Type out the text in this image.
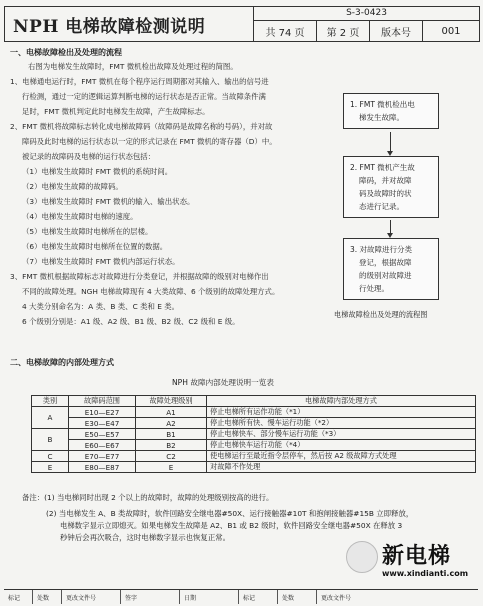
NPH 电梯故障检测说明
S-3-0423
共 74 页	第 2 页	版本号	001
一、电梯故障检出及处理的流程
右图为电梯发生故障时，FMT 微机检出故障及处理过程的简图。
1、电梯通电运行时，FMT 微机在每个程序运行周期都对其输入、输出的信号进
行检测，通过一定的逻辑运算判断电梯的运行状态是否正常。当故障条件满
足时，FMT 微机判定此时电梯发生故障，产生故障标志。
2、FMT 微机将故障标志转化成电梯故障码（故障码是故障名称的号码），并对故
障码及此时电梯的运行状态以一定的形式记录在 FMT 微机的寄存器（D）中。
被记录的故障码及电梯的运行状态包括：
（1）电梯发生故障时 FMT 微机的系统时间。
（2）电梯发生故障的故障码。
（3）电梯发生故障时 FMT 微机的输入、输出状态。
（4）电梯发生故障时电梯的速度。
（5）电梯发生故障时电梯所在的层楼。
（6）电梯发生故障时电梯所在位置的数据。
（7）电梯发生故障时 FMT 微机内部运行状态。
3、FMT 微机根据故障标志对故障进行分类登记，并根据故障的级别对电梯作出
不同的故障处理。NGH 电梯故障现有 4 大类故障、6 个级别的故障处理方式。
4 大类分别命名为：A 类、B 类、C 类和 E 类。
6 个级别分别是：A1 级、A2 级、B1 级、B2 级、C2 级和 E 级。
1. FMT 微机检出电
梯发生故障。
2. FMT 微机产生故
障码，并对故障
码及故障时的状
态进行记录。
3. 对故障进行分类
登记，根据故障
的级别对故障进
行处理。
电梯故障检出及处理的流程图
二、电梯故障的内部处理方式
NPH 故障内部处理说明一览表
类别	故障码范围	故障处理级别	电梯故障内部处理方式
A	E10—E27	A1	停止电梯所有运作功能（*1）
	E30—E47	A2	停止电梯所有快、慢车运行功能（*2）
B	E50—E57	B1	停止电梯快车、部分慢车运行功能（*3）
	E60—E67	B2	停止电梯快车运行功能（*4）
C	E70—E77	C2	使电梯运行至最近指令层停车，然后按 A2 级故障方式处理
E	E80—E87	E	对故障不作处理
备注：(1) 当电梯同时出现 2 个以上的故障时，故障的处理级别按高的进行。
(2) 当电梯发生 A、B 类故障时，软件回路安全继电器#50X、运行接触器#10T 和抱闸接触器#15B 立即释放，
电梯数字显示立即熄灭。如果电梯发生故障是 A2、B1 或 B2 级时，软件回路安全继电器#50X 在释放 3
秒钟后会再次吸合，这时电梯数字显示也恢复正常。
新电梯
www.xindianti.com
标记	处数	更改文件号	签字	日期	标记	处数	更改文件号
